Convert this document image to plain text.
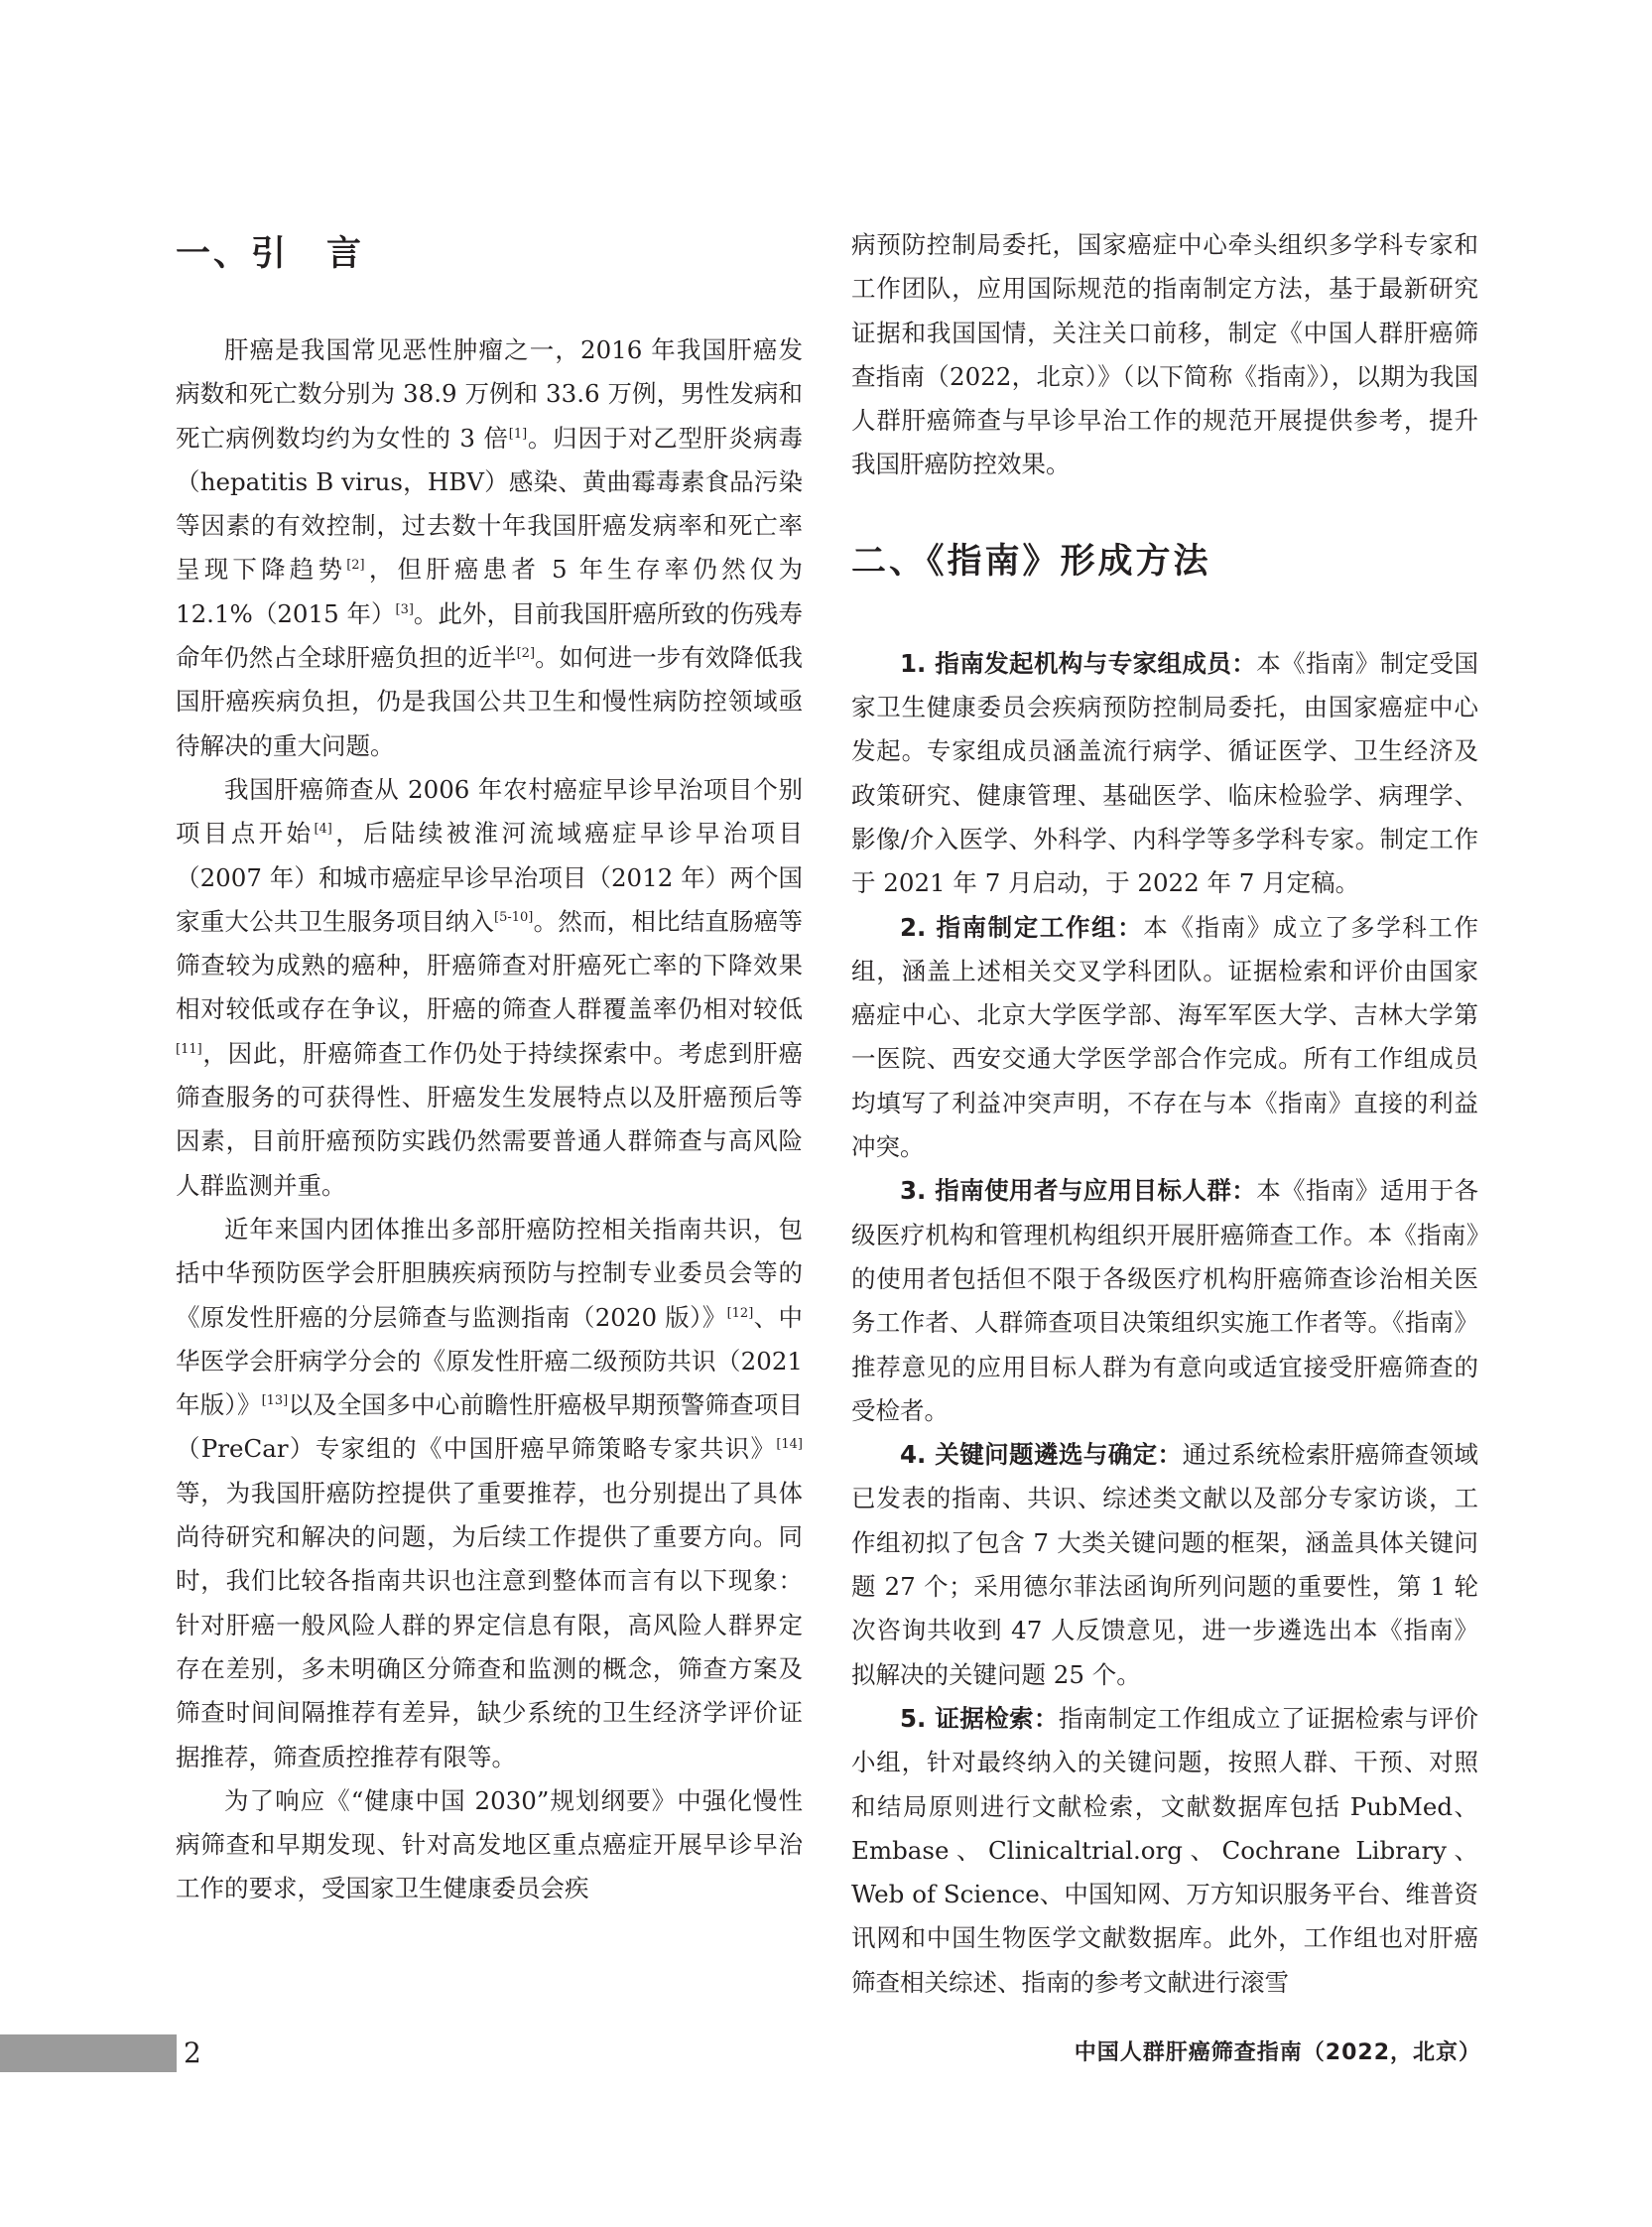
一、引　言

肝癌是我国常见恶性肿瘤之一，2016 年我国肝癌发病数和死亡数分别为 38.9 万例和 33.6 万例，男性发病和死亡病例数均约为女性的 3 倍[1]。归因于对乙型肝炎病毒（hepatitis B virus，HBV）感染、黄曲霉毒素食品污染等因素的有效控制，过去数十年我国肝癌发病率和死亡率呈现下降趋势[2]，但肝癌患者 5 年生存率仍然仅为 12.1%（2015 年）[3]。此外，目前我国肝癌所致的伤残寿命年仍然占全球肝癌负担的近半[2]。如何进一步有效降低我国肝癌疾病负担，仍是我国公共卫生和慢性病防控领域亟待解决的重大问题。

我国肝癌筛查从 2006 年农村癌症早诊早治项目个别项目点开始[4]，后陆续被淮河流域癌症早诊早治项目（2007 年）和城市癌症早诊早治项目（2012 年）两个国家重大公共卫生服务项目纳入[5-10]。然而，相比结直肠癌等筛查较为成熟的癌种，肝癌筛查对肝癌死亡率的下降效果相对较低或存在争议，肝癌的筛查人群覆盖率仍相对较低[11]，因此，肝癌筛查工作仍处于持续探索中。考虑到肝癌筛查服务的可获得性、肝癌发生发展特点以及肝癌预后等因素，目前肝癌预防实践仍然需要普通人群筛查与高风险人群监测并重。

近年来国内团体推出多部肝癌防控相关指南共识，包括中华预防医学会肝胆胰疾病预防与控制专业委员会等的《原发性肝癌的分层筛查与监测指南（2020 版）》[12]、中华医学会肝病学分会的《原发性肝癌二级预防共识（2021 年版）》[13]以及全国多中心前瞻性肝癌极早期预警筛查项目（PreCar）专家组的《中国肝癌早筛策略专家共识》[14]等，为我国肝癌防控提供了重要推荐，也分别提出了具体尚待研究和解决的问题，为后续工作提供了重要方向。同时，我们比较各指南共识也注意到整体而言有以下现象：针对肝癌一般风险人群的界定信息有限，高风险人群界定存在差别，多未明确区分筛查和监测的概念，筛查方案及筛查时间间隔推荐有差异，缺少系统的卫生经济学评价证据推荐，筛查质控推荐有限等。

为了响应《“健康中国 2030”规划纲要》中强化慢性病筛查和早期发现、针对高发地区重点癌症开展早诊早治工作的要求，受国家卫生健康委员会疾

病预防控制局委托，国家癌症中心牵头组织多学科专家和工作团队，应用国际规范的指南制定方法，基于最新研究证据和我国国情，关注关口前移，制定《中国人群肝癌筛查指南（2022，北京）》（以下简称《指南》），以期为我国人群肝癌筛查与早诊早治工作的规范开展提供参考，提升我国肝癌防控效果。

二、《指南》形成方法

1. 指南发起机构与专家组成员：本《指南》制定受国家卫生健康委员会疾病预防控制局委托，由国家癌症中心发起。专家组成员涵盖流行病学、循证医学、卫生经济及政策研究、健康管理、基础医学、临床检验学、病理学、影像/介入医学、外科学、内科学等多学科专家。制定工作于 2021 年 7 月启动，于 2022 年 7 月定稿。

2. 指南制定工作组：本《指南》成立了多学科工作组，涵盖上述相关交叉学科团队。证据检索和评价由国家癌症中心、北京大学医学部、海军军医大学、吉林大学第一医院、西安交通大学医学部合作完成。所有工作组成员均填写了利益冲突声明，不存在与本《指南》直接的利益冲突。

3. 指南使用者与应用目标人群：本《指南》适用于各级医疗机构和管理机构组织开展肝癌筛查工作。本《指南》的使用者包括但不限于各级医疗机构肝癌筛查诊治相关医务工作者、人群筛查项目决策组织实施工作者等。《指南》推荐意见的应用目标人群为有意向或适宜接受肝癌筛查的受检者。

4. 关键问题遴选与确定：通过系统检索肝癌筛查领域已发表的指南、共识、综述类文献以及部分专家访谈，工作组初拟了包含 7 大类关键问题的框架，涵盖具体关键问题 27 个；采用德尔菲法函询所列问题的重要性，第 1 轮次咨询共收到 47 人反馈意见，进一步遴选出本《指南》拟解决的关键问题 25 个。

5. 证据检索：指南制定工作组成立了证据检索与评价小组，针对最终纳入的关键问题，按照人群、干预、对照和结局原则进行文献检索，文献数据库包括 PubMed、Embase、Clinicaltrial.org、Cochrane Library、Web of Science、中国知网、万方知识服务平台、维普资讯网和中国生物医学文献数据库。此外，工作组也对肝癌筛查相关综述、指南的参考文献进行滚雪

2	中国人群肝癌筛查指南（2022，北京）
